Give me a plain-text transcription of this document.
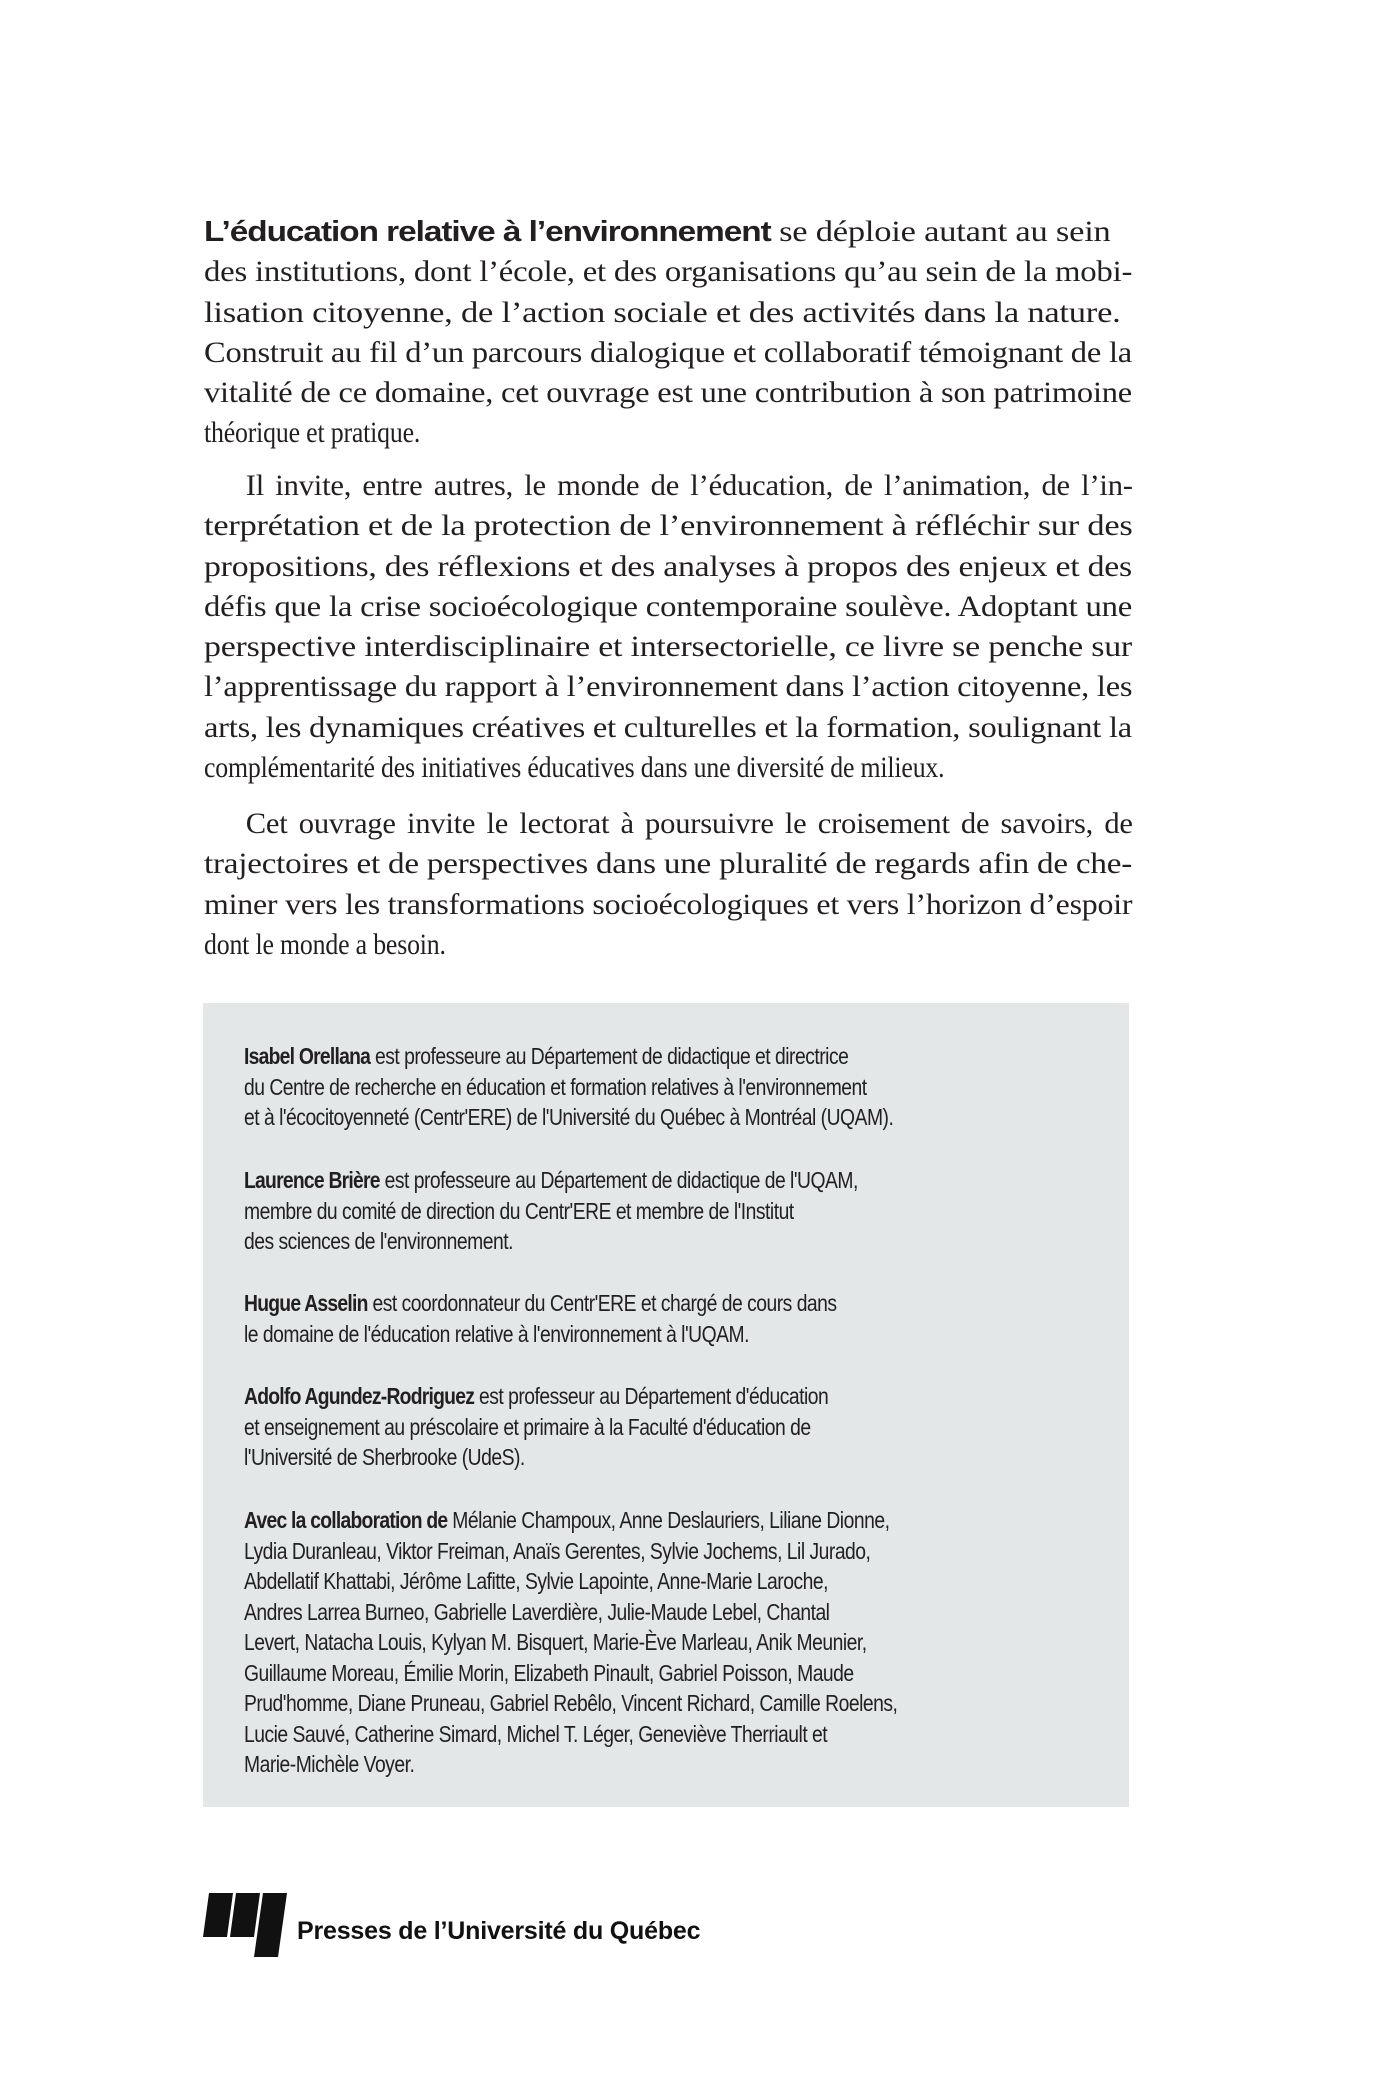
L’éducation relative à l’environnement se déploie autant au sein
des institutions, dont l’école, et des organisations qu’au sein de la mobi-
lisation citoyenne, de l’action sociale et des activités dans la nature.
Construit au fil d’un parcours dialogique et collaboratif témoignant de la
vitalité de ce domaine, cet ouvrage est une contribution à son patrimoine
théorique et pratique.
Il invite, entre autres, le monde de l’éducation, de l’animation, de l’in-
terprétation et de la protection de l’environnement à réfléchir sur des
propositions, des réflexions et des analyses à propos des enjeux et des
défis que la crise socioécologique contemporaine soulève. Adoptant une
perspective interdisciplinaire et intersectorielle, ce livre se penche sur
l’apprentissage du rapport à l’environnement dans l’action citoyenne, les
arts, les dynamiques créatives et culturelles et la formation, soulignant la
complémentarité des initiatives éducatives dans une diversité de milieux.
Cet ouvrage invite le lectorat à poursuivre le croisement de savoirs, de
trajectoires et de perspectives dans une pluralité de regards afin de che-
miner vers les transformations socioécologiques et vers l’horizon d’espoir
dont le monde a besoin.
Isabel Orellana est professeure au Département de didactique et directrice
du Centre de recherche en éducation et formation relatives à l'environnement
et à l'écocitoyenneté (Centr'ERE) de l'Université du Québec à Montréal (UQAM).
Laurence Brière est professeure au Département de didactique de l'UQAM,
membre du comité de direction du Centr'ERE et membre de l'Institut
des sciences de l'environnement.
Hugue Asselin est coordonnateur du Centr'ERE et chargé de cours dans
le domaine de l'éducation relative à l'environnement à l'UQAM.
Adolfo Agundez-Rodriguez est professeur au Département d'éducation
et enseignement au préscolaire et primaire à la Faculté d'éducation de
l'Université de Sherbrooke (UdeS).
Avec la collaboration de Mélanie Champoux, Anne Deslauriers, Liliane Dionne,
Lydia Duranleau, Viktor Freiman, Anaïs Gerentes, Sylvie Jochems, Lil Jurado,
Abdellatif Khattabi, Jérôme Lafitte, Sylvie Lapointe, Anne-Marie Laroche,
Andres Larrea Burneo, Gabrielle Laverdière, Julie-Maude Lebel, Chantal
Levert, Natacha Louis, Kylyan M. Bisquert, Marie-Ève Marleau, Anik Meunier,
Guillaume Moreau, Émilie Morin, Elizabeth Pinault, Gabriel Poisson, Maude
Prud'homme, Diane Pruneau, Gabriel Rebêlo, Vincent Richard, Camille Roelens,
Lucie Sauvé, Catherine Simard, Michel T. Léger, Geneviève Therriault et
Marie-Michèle Voyer.
Presses de l’Université du Québec
